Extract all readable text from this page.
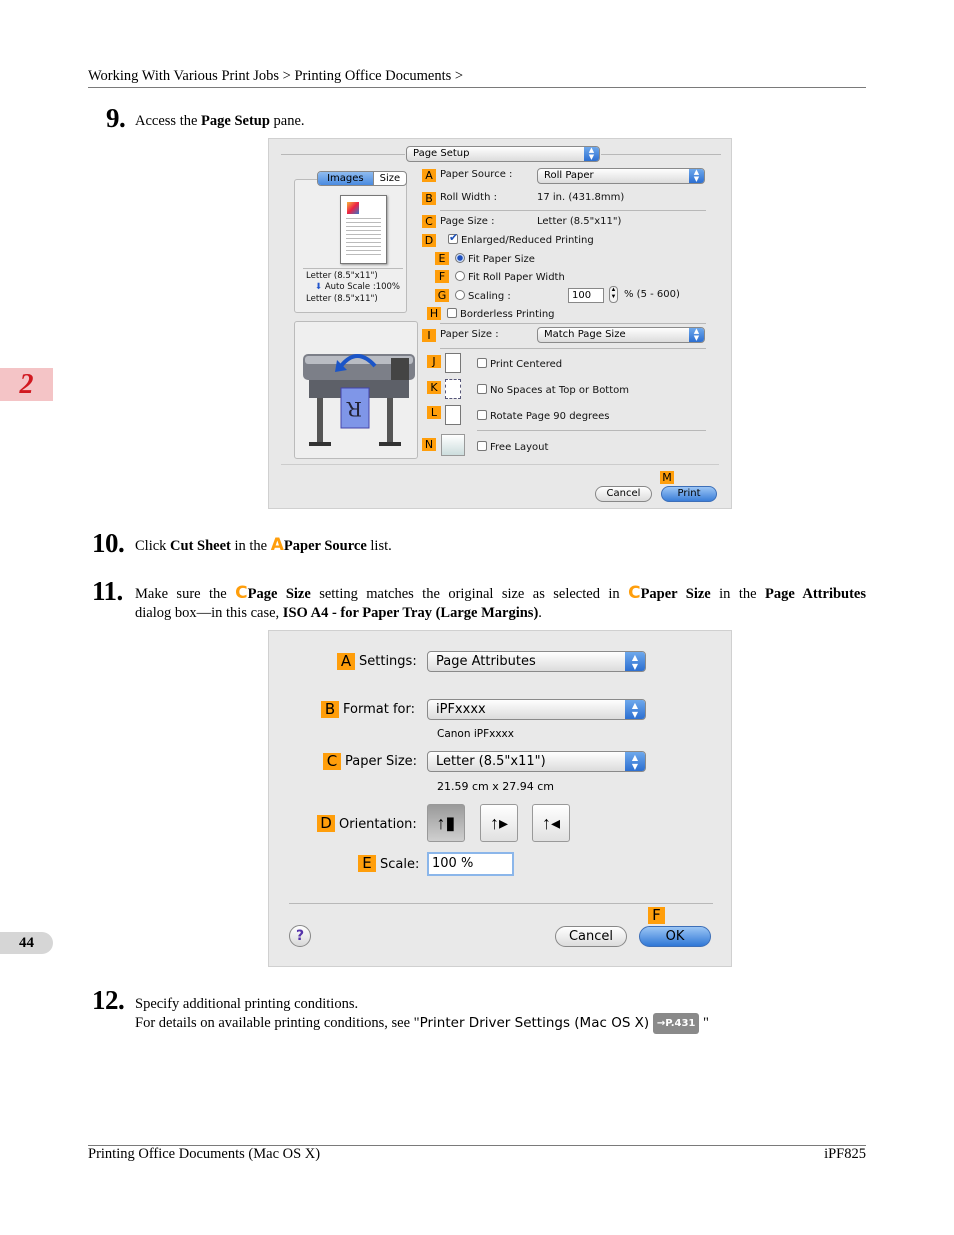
Working With Various Print Jobs > Printing Office Documents >
2
44
9. Access the Page Setup pane.
Page Setup	▲
▼
Images	Size
Letter (8.5"x11")
⬇ Auto Scale :100%
Letter (8.5"x11")
R
A
B
C
D
E
F
G
H
I
J
K
L
N
M
Paper Source :	Roll Paper	▲
▼
Roll Width :	17 in. (431.8mm)
Page Size :	Letter (8.5"x11")
✔ Enlarged/Reduced Printing
Fit Paper Size
Fit Roll Paper Width
Scaling :	100	▲
▼ % (5 - 600)
Borderless Printing
Paper Size :	Match Page Size	▲
▼
Print Centered
No Spaces at Top or Bottom
Rotate Page 90 degrees
Free Layout
Cancel	Print
10. Click Cut Sheet in the APaper Source list.
11. Make sure the CPage Size setting matches the original size as selected in CPaper Size in the Page Attributes
dialog box—in this case, ISO A4 - for Paper Tray (Large Margins).
A Settings:	Page Attributes	▲
▼
B Format for:	iPFxxxx	▲
▼
Canon iPFxxxx
C Paper Size:	Letter (8.5"x11")	▲
▼
21.59 cm x 27.94 cm
D Orientation:	↑▮	↑▸	↑◂
E Scale: 100 %
F
?	Cancel	OK
12. Specify additional printing conditions.
For details on available printing conditions, see "Printer Driver Settings (Mac OS X) →P.431 "
Printing Office Documents (Mac OS X)	iPF825
